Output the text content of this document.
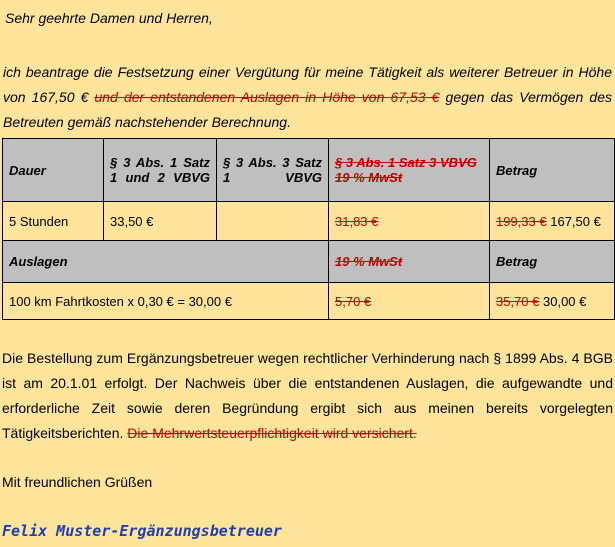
Sehr geehrte Damen und Herren,
ich beantrage die Festsetzung einer Vergütung für meine Tätigkeit als weiterer Betreuer in Höhe von 167,50 € und der entstandenen Auslagen in Höhe von 67,53 € gegen das Vermögen des Betreuten gemäß nachstehender Berechnung.
Dauer	§ 3 Abs. 1 Satz 1 und 2 VBVG	§ 3 Abs. 3 Satz 1 VBVG	§ 3 Abs. 1 Satz 3 VBVG 19 % MwSt	Betrag
5 Stunden	33,50 €		31,83 €	199,33 € 167,50 €
Auslagen			19 % MwSt	Betrag
100 km Fahrtkosten x 0,30 € = 30,00 €			5,70 €	35,70 € 30,00 €
Die Bestellung zum Ergänzungsbetreuer wegen rechtlicher Verhinderung nach § 1899 Abs. 4 BGB ist am 20.1.01 erfolgt. Der Nachweis über die entstandenen Auslagen, die aufgewandte und erforderliche Zeit sowie deren Begründung ergibt sich aus meinen bereits vorgelegten Tätigkeitsberichten. Die Mehrwertsteuerpflichtigkeit wird versichert.
Mit freundlichen Grüßen
Felix Muster-Ergänzungsbetreuer
